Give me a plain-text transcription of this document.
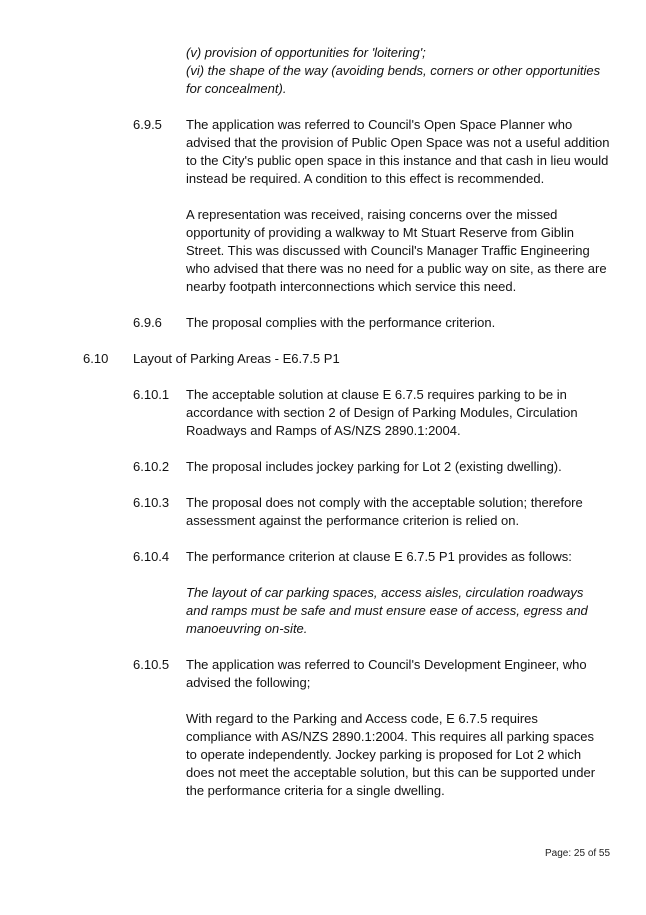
(v) provision of opportunities for 'loitering';

(vi) the shape of the way (avoiding bends, corners or other opportunities

for concealment).

6.9.5 The application was referred to Council's Open Space Planner who

advised that the provision of Public Open Space was not a useful addition

to the City's public open space in this instance and that cash in lieu would

instead be required. A condition to this effect is recommended.

A representation was received, raising concerns over the missed

opportunity of providing a walkway to Mt Stuart Reserve from Giblin

Street. This was discussed with Council's Manager Traffic Engineering

who advised that there was no need for a public way on site, as there are

nearby footpath interconnections which service this need.

6.9.6 The proposal complies with the performance criterion.

6.10 Layout of Parking Areas - E6.7.5 P1

6.10.1 The acceptable solution at clause E 6.7.5 requires parking to be in

accordance with section 2 of Design of Parking Modules, Circulation

Roadways and Ramps of AS/NZS 2890.1:2004.

6.10.2 The proposal includes jockey parking for Lot 2 (existing dwelling).

6.10.3 The proposal does not comply with the acceptable solution; therefore

assessment against the performance criterion is relied on.

6.10.4 The performance criterion at clause E 6.7.5 P1 provides as follows:

The layout of car parking spaces, access aisles, circulation roadways

and ramps must be safe and must ensure ease of access, egress and

manoeuvring on-site.

6.10.5 The application was referred to Council's Development Engineer, who

advised the following;

With regard to the Parking and Access code, E 6.7.5 requires

compliance with AS/NZS 2890.1:2004. This requires all parking spaces

to operate independently. Jockey parking is proposed for Lot 2 which

does not meet the acceptable solution, but this can be supported under

the performance criteria for a single dwelling.

Page: 25 of 55
